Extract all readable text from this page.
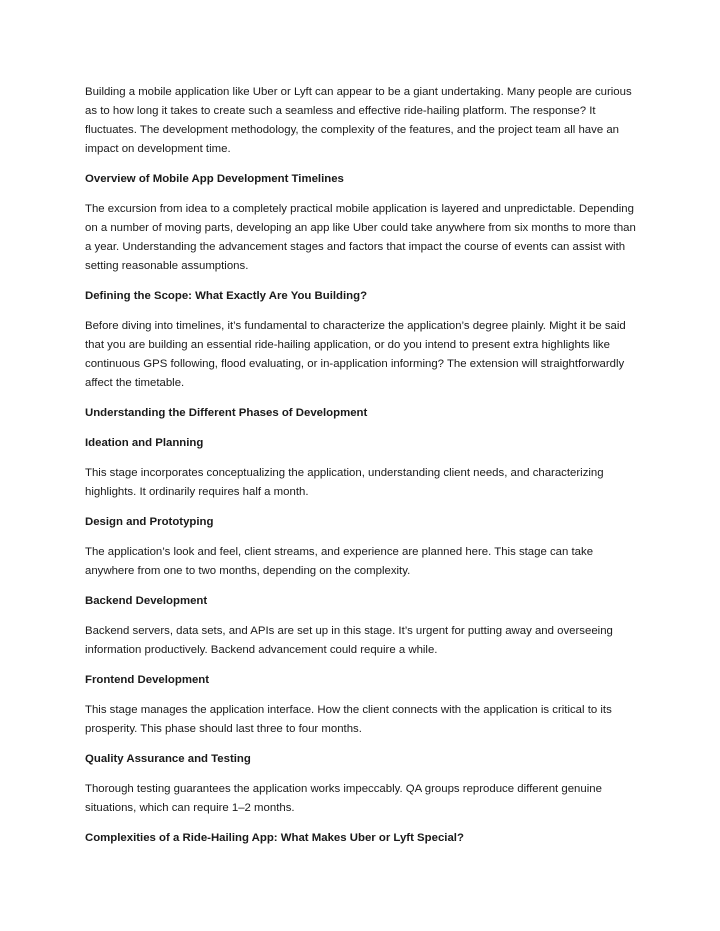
Building a mobile application like Uber or Lyft can appear to be a giant undertaking. Many people are curious as to how long it takes to create such a seamless and effective ride-hailing platform. The response? It fluctuates. The development methodology, the complexity of the features, and the project team all have an impact on development time.

Overview of Mobile App Development Timelines

The excursion from idea to a completely practical mobile application is layered and unpredictable. Depending on a number of moving parts, developing an app like Uber could take anywhere from six months to more than a year. Understanding the advancement stages and factors that impact the course of events can assist with setting reasonable assumptions.

Defining the Scope: What Exactly Are You Building?

Before diving into timelines, it’s fundamental to characterize the application’s degree plainly. Might it be said that you are building an essential ride-hailing application, or do you intend to present extra highlights like continuous GPS following, flood evaluating, or in-application informing? The extension will straightforwardly affect the timetable.

Understanding the Different Phases of Development

Ideation and Planning

This stage incorporates conceptualizing the application, understanding client needs, and characterizing highlights. It ordinarily requires half a month.

Design and Prototyping

The application’s look and feel, client streams, and experience are planned here. This stage can take anywhere from one to two months, depending on the complexity.

Backend Development

Backend servers, data sets, and APIs are set up in this stage. It’s urgent for putting away and overseeing information productively. Backend advancement could require a while.

Frontend Development

This stage manages the application interface. How the client connects with the application is critical to its prosperity. This phase should last three to four months.

Quality Assurance and Testing

Thorough testing guarantees the application works impeccably. QA groups reproduce different genuine situations, which can require 1–2 months.

Complexities of a Ride-Hailing App: What Makes Uber or Lyft Special?
